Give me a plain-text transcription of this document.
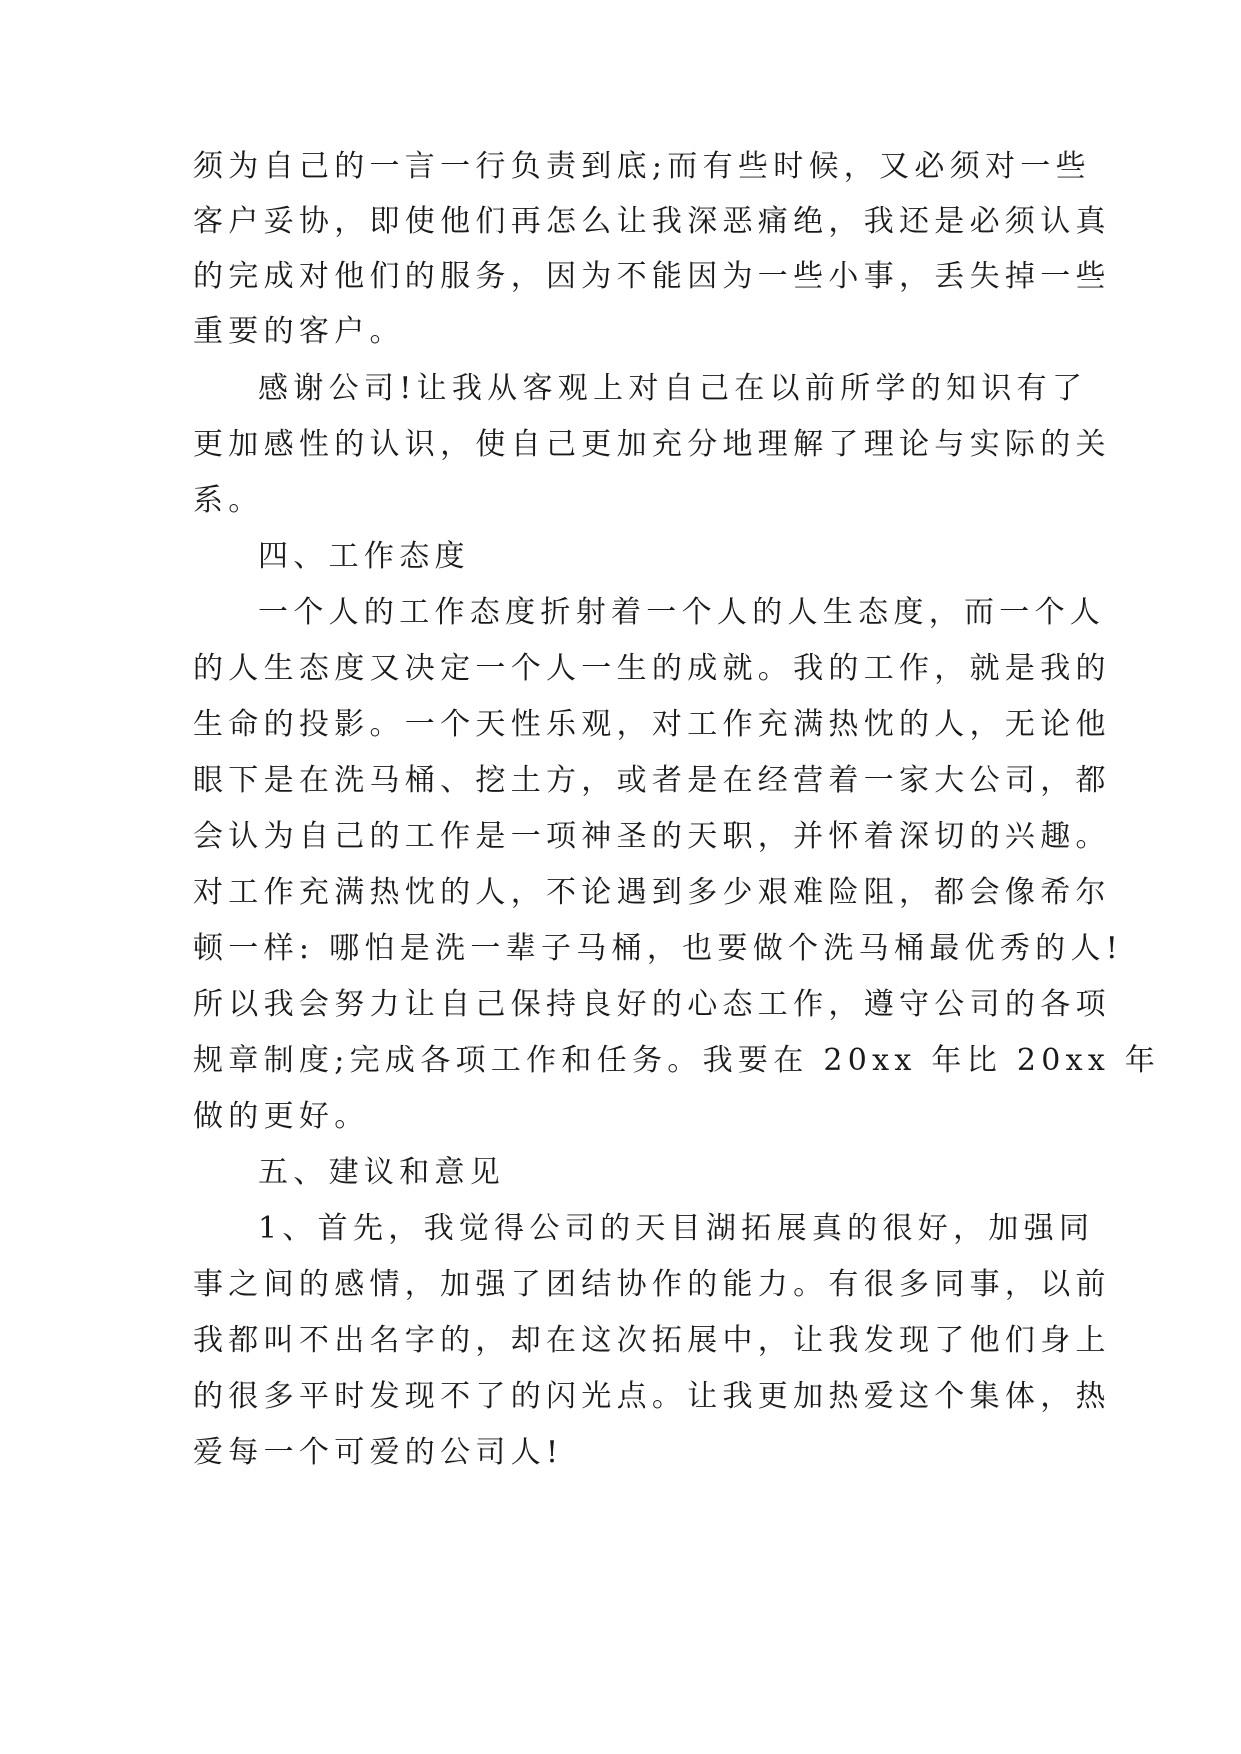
须为自己的一言一行负责到底;而有些时候，又必须对一些
客户妥协，即使他们再怎么让我深恶痛绝，我还是必须认真
的完成对他们的服务，因为不能因为一些小事，丢失掉一些
重要的客户。
感谢公司!让我从客观上对自己在以前所学的知识有了
更加感性的认识，使自己更加充分地理解了理论与实际的关
系。
四、工作态度
一个人的工作态度折射着一个人的人生态度，而一个人
的人生态度又决定一个人一生的成就。我的工作，就是我的
生命的投影。一个天性乐观，对工作充满热忱的人，无论他
眼下是在洗马桶、挖土方，或者是在经营着一家大公司，都
会认为自己的工作是一项神圣的天职，并怀着深切的兴趣。
对工作充满热忱的人，不论遇到多少艰难险阻，都会像希尔
顿一样: 哪怕是洗一辈子马桶，也要做个洗马桶最优秀的人!
所以我会努力让自己保持良好的心态工作，遵守公司的各项
规章制度;完成各项工作和任务。我要在 20xx 年比 20xx 年
做的更好。
五、建议和意见
1、首先，我觉得公司的天目湖拓展真的很好，加强同
事之间的感情，加强了团结协作的能力。有很多同事，以前
我都叫不出名字的，却在这次拓展中，让我发现了他们身上
的很多平时发现不了的闪光点。让我更加热爱这个集体，热
爱每一个可爱的公司人!
